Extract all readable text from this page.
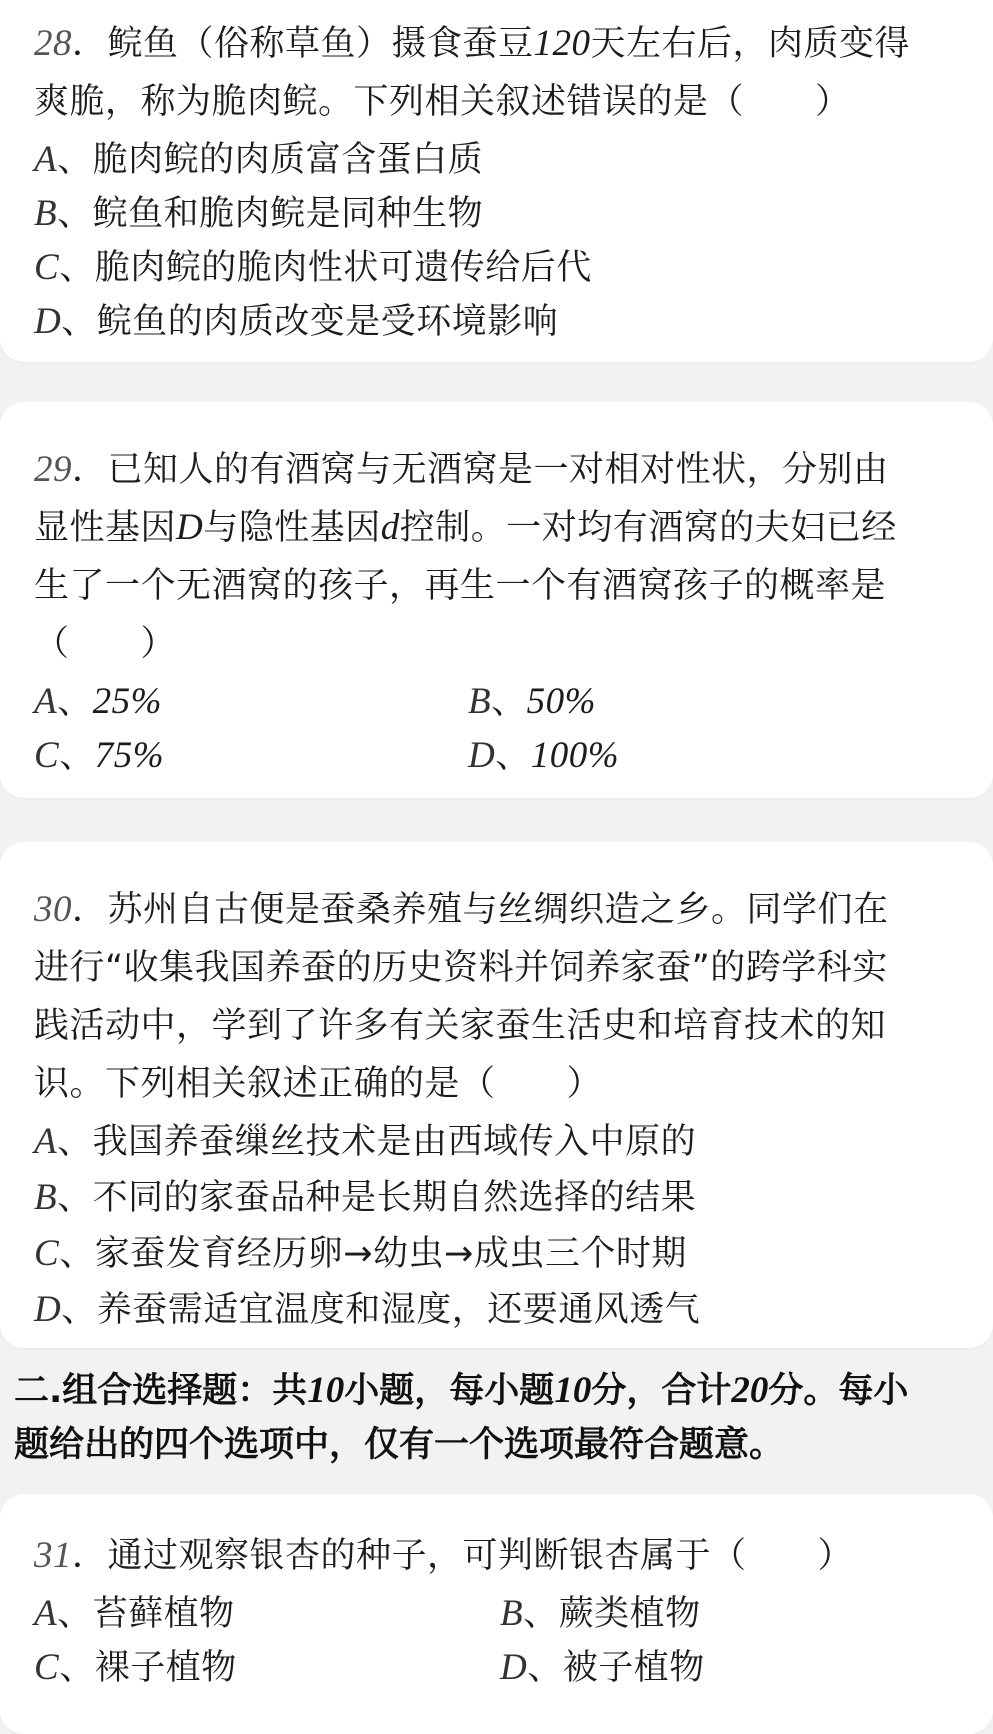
28．鲩鱼（俗称草鱼）摄食蚕豆120天左右后，肉质变得
爽脆，称为脆肉鲩。下列相关叙述错误的是（　　）
A、脆肉鲩的肉质富含蛋白质
B、鲩鱼和脆肉鲩是同种生物
C、脆肉鲩的脆肉性状可遗传给后代
D、鲩鱼的肉质改变是受环境影响
29．已知人的有酒窝与无酒窝是一对相对性状，分别由
显性基因D与隐性基因d控制。一对均有酒窝的夫妇已经
生了一个无酒窝的孩子，再生一个有酒窝孩子的概率是
（　　）
A、25%	B、50%
C、75%	D、100%
30．苏州自古便是蚕桑养殖与丝绸织造之乡。同学们在
进行“收集我国养蚕的历史资料并饲养家蚕”的跨学科实
践活动中，学到了许多有关家蚕生活史和培育技术的知
识。下列相关叙述正确的是（　　）
A、我国养蚕缫丝技术是由西域传入中原的
B、不同的家蚕品种是长期自然选择的结果
C、家蚕发育经历卵→幼虫→成虫三个时期
D、养蚕需适宜温度和湿度，还要通风透气
二.组合选择题：共10小题，每小题10分，合计20分。每小
题给出的四个选项中，仅有一个选项最符合题意。
31．通过观察银杏的种子，可判断银杏属于（　　）
A、苔藓植物	B、蕨类植物
C、裸子植物	D、被子植物
